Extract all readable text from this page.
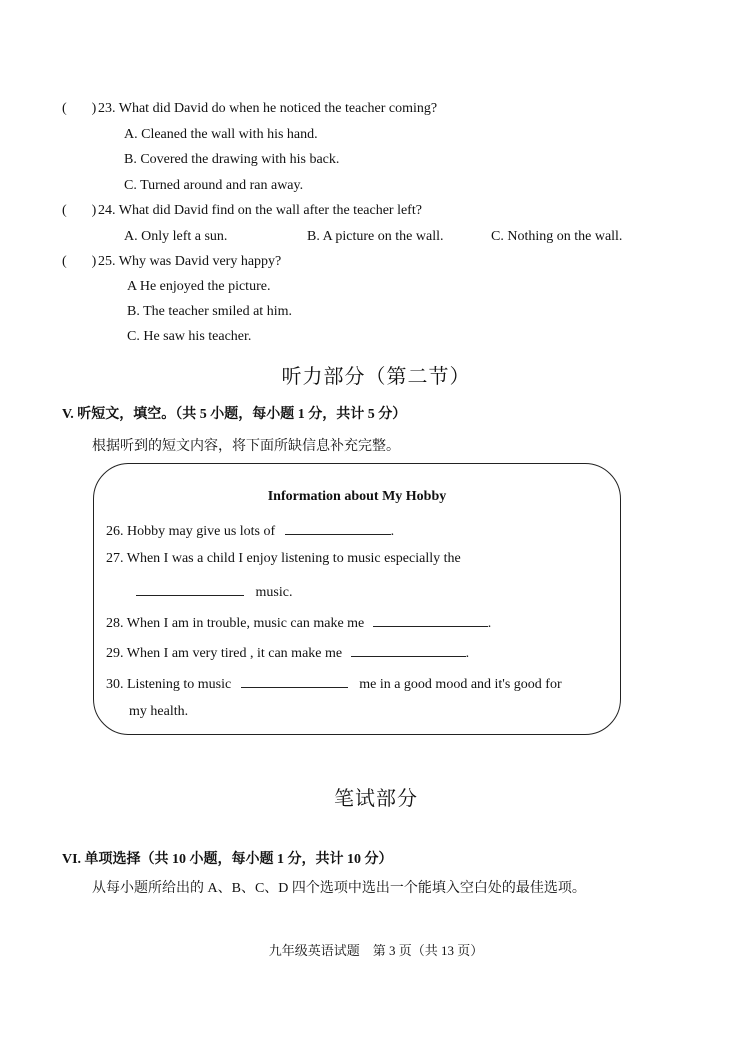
( ) 23. What did David do when he noticed the teacher coming?
A. Cleaned the wall with his hand.
B. Covered the drawing with his back.
C. Turned around and ran away.
( ) 24. What did David find on the wall after the teacher left?
A. Only left a sun.	B. A picture on the wall.	C. Nothing on the wall.
( ) 25. Why was David very happy?
A He enjoyed the picture.
B. The teacher smiled at him.
C. He saw his teacher.
听力部分（第二节）
V. 听短文，填空。（共 5 小题，每小题 1 分，共计 5 分）
根据听到的短文内容，将下面所缺信息补充完整。
Information about My Hobby
26. Hobby may give us lots of	.
27. When I was a child I enjoy listening to music especially the
music.
28. When I am in trouble, music can make me	.
29. When I am very tired , it can make me	.
30. Listening to music	me in a good mood and it's good for
my health.
笔试部分
VI. 单项选择（共 10 小题，每小题 1 分，共计 10 分）
从每小题所给出的 A、B、C、D 四个选项中选出一个能填入空白处的最佳选项。
九年级英语试题　第 3 页（共 13 页）
